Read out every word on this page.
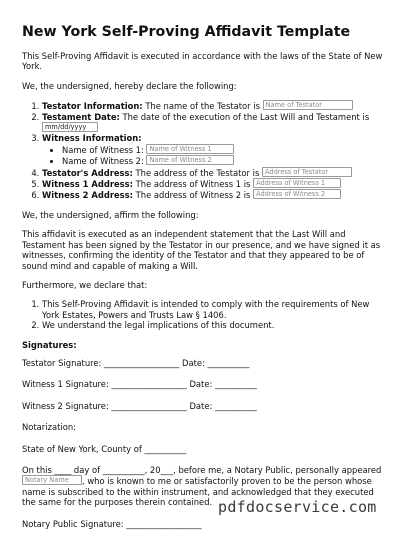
New York Self-Proving Affidavit Template

This Self-Proving Affidavit is executed in accordance with the laws of the State of New York.

We, the undersigned, hereby declare the following:

1. Testator Information: The name of the Testator is Name of Testator
2. Testament Date: The date of the execution of the Last Will and Testament is
mm/dd/yyyy
3. Witness Information:
• Name of Witness 1: Name of Witness 1
• Name of Witness 2: Name of Witness 2
4. Testator's Address: The address of the Testator is Address of Testator
5. Witness 1 Address: The address of Witness 1 is Address of Witness 1
6. Witness 2 Address: The address of Witness 2 is Address of Witness 2

We, the undersigned, affirm the following:

This affidavit is executed as an independent statement that the Last Will and Testament has been signed by the Testator in our presence, and we have signed it as witnesses, confirming the identity of the Testator and that they appeared to be of sound mind and capable of making a Will.

Furthermore, we declare that:

1. This Self-Proving Affidavit is intended to comply with the requirements of New York Estates, Powers and Trusts Law § 1406.
2. We understand the legal implications of this document.

Signatures:

Testator Signature: __________________ Date: __________

Witness 1 Signature: __________________ Date: __________

Witness 2 Signature: __________________ Date: __________

Notarization:

State of New York, County of __________

On this ____ day of __________, 20___, before me, a Notary Public, personally appeared Notary Name , who is known to me or satisfactorily proven to be the person whose name is subscribed to the within instrument, and acknowledged that they executed the same for the purposes therein contained.

Notary Public Signature: __________________

pdfdocservice.com
